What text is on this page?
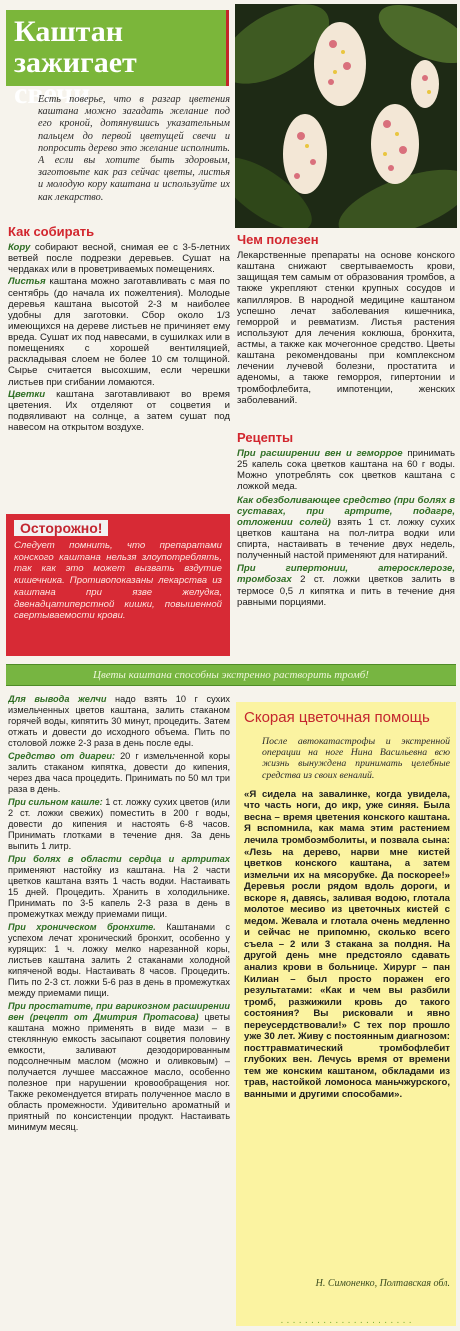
Каштан зажигает свечи
Есть поверье, что в разгар цветения каштана можно загадать желание под его кроной, дотянувшись указательным пальцем до первой цветущей свечи и попросить дерево это желание исполнить. А если вы хотите быть здоровым, заготовьте как раз сейчас цветы, листья и молодую кору каштана и используйте их как лекарство.
Как собирать

Кору собирают весной, снимая ее с 3-5-летних ветвей после подрезки деревьев. Сушат на чердаках или в проветриваемых помещениях.

Листья каштана можно заготавливать с мая по сентябрь (до начала их пожелтения). Молодые деревья каштана высотой 2-3 м наиболее удобны для заготовки. Сбор около 1/3 имеющихся на дереве листьев не причиняет ему вреда. Сушат их под навесами, в сушилках или в помещениях с хорошей вентиляцией, раскладывая слоем не более 10 см толщиной. Сырье считается высохшим, если черешки листьев при сгибании ломаются.

Цветки каштана заготавливают во время цветения. Их отделяют от соцветия и подвяливают на солнце, а затем сушат под навесом на открытом воздухе.

Осторожно!
Следует помнить, что препаратами конского каштана нельзя злоупотреблять, так как это может вызвать вздутие кишечника. Противопоказаны лекарства из каштана при язве желудка, двенадцатиперстной кишки, повышенной свертываемости крови.
Чем полезен
Лекарственные препараты на основе конского каштана снижают свертываемость крови, защищая тем самым от образования тромбов, а также укрепляют стенки крупных сосудов и капилляров. В народной медицине каштаном успешно лечат заболевания кишечника, геморрой и ревматизм. Листья растения используют для лечения коклюша, бронхита, астмы, а также как мочегонное средство. Цветы каштана рекомендованы при комплексном лечении лучевой болезни, простатита и аденомы, а также геморроя, гипертонии и тромбофлебита, импотенции, женских заболеваний.
Рецепты

При расширении вен и геморрое принимать 25 капель сока цветков каштана на 60 г воды. Можно употреблять сок цветков каштана с ложкой меда.

Как обезболивающее средство (при болях в суставах, при артрите, подагре, отложении солей) взять 1 ст. ложку сухих цветков каштана на пол-литра водки или спирта, настаивать в течение двух недель, полученный настой применяют для натираний.

При гипертонии, атеросклерозе, тромбозах 2 ст. ложки цветков залить в термосе 0,5 л кипятка и пить в течение дня равными порциями.

Цветы каштана способны экстренно растворить тромб!

Для вывода желчи надо взять 10 г сухих измельченных цветов каштана, залить стаканом горячей воды, кипятить 30 минут, процедить. Затем отжать и довести до исходного объема. Пить по столовой ложке 2-3 раза в день после еды.

Средство от диареи: 20 г измельченной коры залить стаканом кипятка, довести до кипения, через два часа процедить. Принимать по 50 мл три раза в день.

При сильном кашле: 1 ст. ложку сухих цветов (или 2 ст. ложки свежих) поместить в 200 г воды, довести до кипения и настоять 6-8 часов. Принимать глотками в течение дня. За день выпить 1 литр.

При болях в области сердца и артритах применяют настойку из каштана. На 2 части цветков каштана взять 1 часть водки. Настаивать 15 дней. Процедить. Хранить в холодильнике. Принимать по 3-5 капель 2-3 раза в день в промежутках между приемами пищи.

При хроническом бронхите. Каштанами с успехом лечат хронический бронхит, особенно у курящих: 1 ч. ложку мелко нарезанной коры, листьев каштана залить 2 стаканами холодной кипяченой воды. Настаивать 8 часов. Процедить. Пить по 2-3 ст. ложки 5-6 раз в день в промежутках между приемами пищи.

При простатите, при варикозном расширении вен (рецепт от Дмитрия Протасова) цветы каштана можно применять в виде мази – в стеклянную емкость засыпают соцветия половину емкости, заливают дезодорированным подсолнечным маслом (можно и оливковым) – получается лучшее массажное масло, особенно полезное при нарушении кровообращения ног. Также рекомендуется втирать полученное масло в область промежности. Удивительно ароматный и приятный по консистенции продукт. Настаивать минимум месяц.

Скорая цветочная помощь
После автокатастрофы и экстренной операции на ноге Нина Васильевна всю жизнь вынуждена принимать целебные средства из своих веналий.
«Я сидела на завалинке, когда увидела, что часть ноги, до икр, уже синяя. Была весна – время цветения конского каштана. Я вспомнила, как мама этим растением лечила тромбоэмболиты, и позвала сына: «Лезь на дерево, нарви мне кистей цветков конского каштана, а затем измельчи их на мясорубке. Да поскорее!» Деревья росли рядом вдоль дороги, и вскоре я, давясь, заливая водою, глотала молотое месиво из цветочных кистей с медом. Жевала и глотала очень медленно и сейчас не припомню, сколько всего съела – 2 или 3 стакана за полдня. На другой день мне предстояло сдавать анализ крови в больнице. Хирург – пан Килиан – был просто поражен его результатами: «Как и чем вы разбили тромб, разжижили кровь до такого состояния? Вы рисковали и явно переусердствовали!» С тех пор прошло уже 30 лет. Живу с постоянным диагнозом: посттравматический тромбофлебит глубоких вен. Лечусь время от времени тем же конским каштаном, обкладами из трав, настойкой ломоноса маньчжурского, ванными и другими способами».
Н. Симоненко, Полтавская обл.
· · · · · · · · · · · · · · · · · · · · · ·
